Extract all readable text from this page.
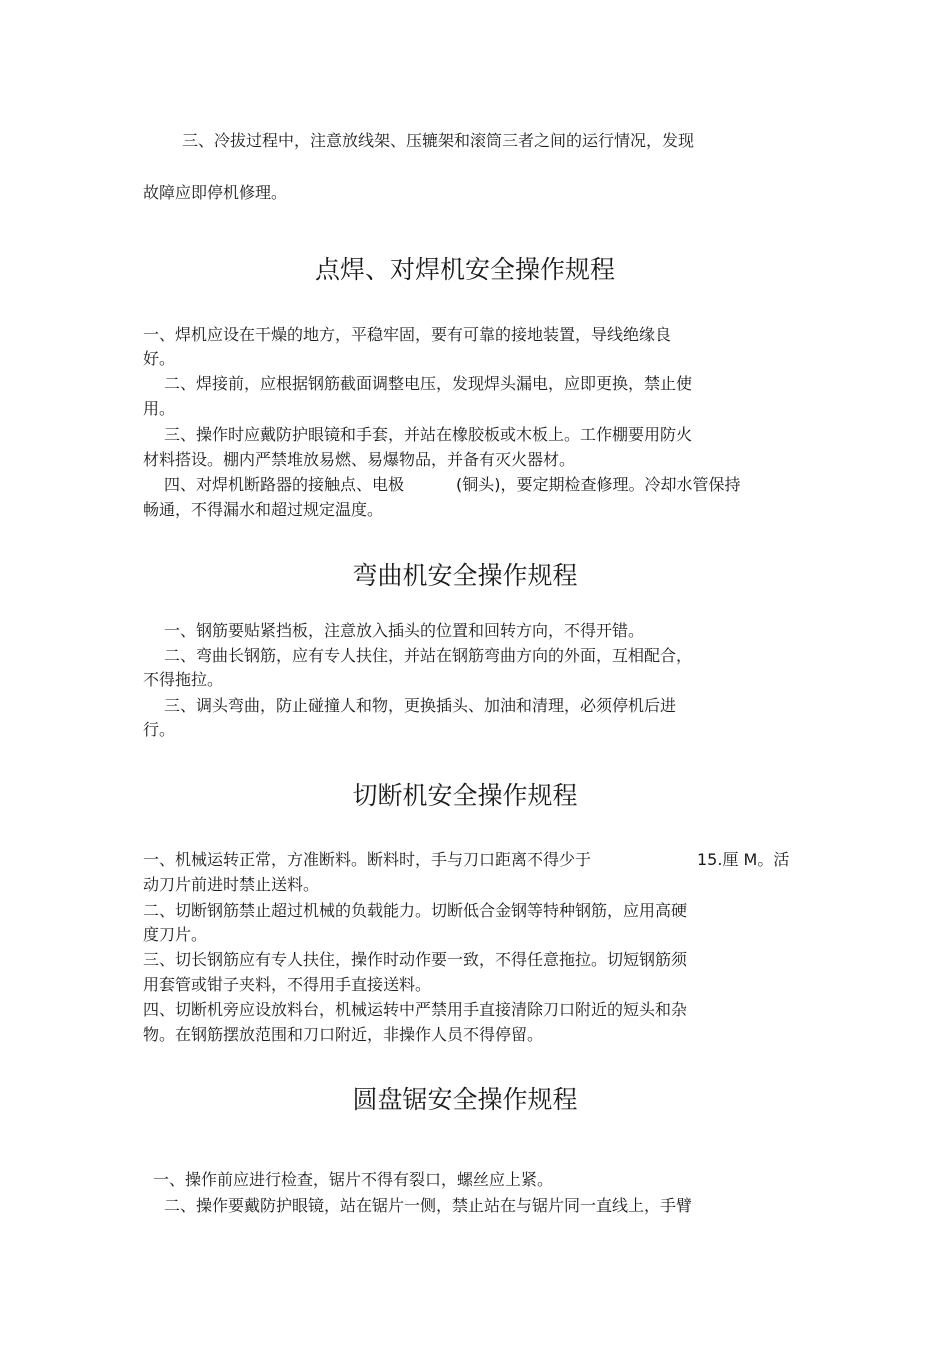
三、冷拔过程中，注意放线架、压辘架和滚筒三者之间的运行情况，发现
故障应即停机修理。
点焊、对焊机安全操作规程
一、焊机应设在干燥的地方，平稳牢固，要有可靠的接地装置，导线绝缘良
好。
二、焊接前，应根据钢筋截面调整电压，发现焊头漏电，应即更换，禁止使
用。
三、操作时应戴防护眼镜和手套，并站在橡胶板或木板上。工作棚要用防火
材料搭设。棚内严禁堆放易燃、易爆物品，并备有灭火器材。
四、对焊机断路器的接触点、电极	(铜头)，要定期检查修理。冷却水管保持
畅通，不得漏水和超过规定温度。
弯曲机安全操作规程
一、钢筋要贴紧挡板，注意放入插头的位置和回转方向，不得开错。
二、弯曲长钢筋，应有专人扶住，并站在钢筋弯曲方向的外面，互相配合，
不得拖拉。
三、调头弯曲，防止碰撞人和物，更换插头、加油和清理，必须停机后进
行。
切断机安全操作规程
一、机械运转正常，方准断料。断料时，手与刀口距离不得少于	15.厘 M。活
动刀片前进时禁止送料。
二、切断钢筋禁止超过机械的负载能力。切断低合金钢等特种钢筋，应用高硬
度刀片。
三、切长钢筋应有专人扶住，操作时动作要一致，不得任意拖拉。切短钢筋须
用套管或钳子夹料，不得用手直接送料。
四、切断机旁应设放料台，机械运转中严禁用手直接清除刀口附近的短头和杂
物。在钢筋摆放范围和刀口附近，非操作人员不得停留。
圆盘锯安全操作规程
一、操作前应进行检查，锯片不得有裂口，螺丝应上紧。
二、操作要戴防护眼镜，站在锯片一侧，禁止站在与锯片同一直线上，手臂
